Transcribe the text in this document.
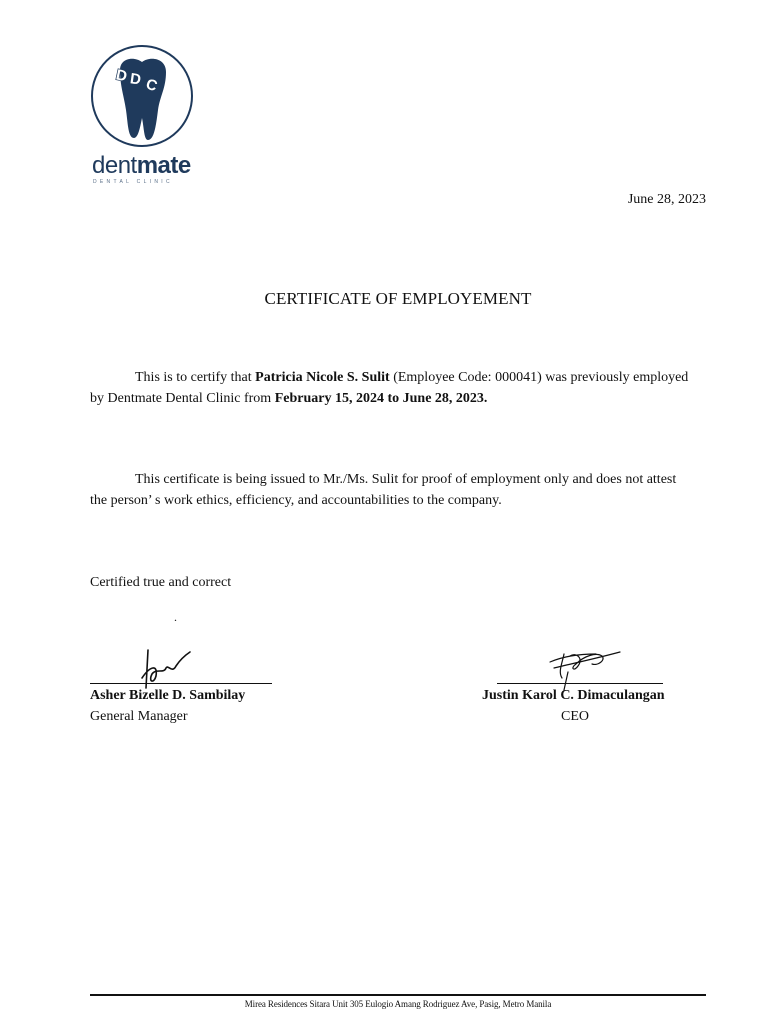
D D C
dentmate
DENTAL CLINIC
June 28, 2023
CERTIFICATE OF EMPLOYEMENT
This is to certify that Patricia Nicole S. Sulit (Employee Code: 000041) was previously employed by Dentmate Dental Clinic from February 15, 2024 to June 28, 2023.
This certificate is being issued to Mr./Ms. Sulit for proof of employment only and does not attest the person’ s work ethics, efficiency, and accountabilities to the company.
Certified true and correct
.
Asher Bizelle D. Sambilay
General Manager
Justin Karol C. Dimaculangan
CEO
Mirea Residences Sitara Unit 305 Eulogio Amang Rodriguez Ave, Pasig, Metro Manila
